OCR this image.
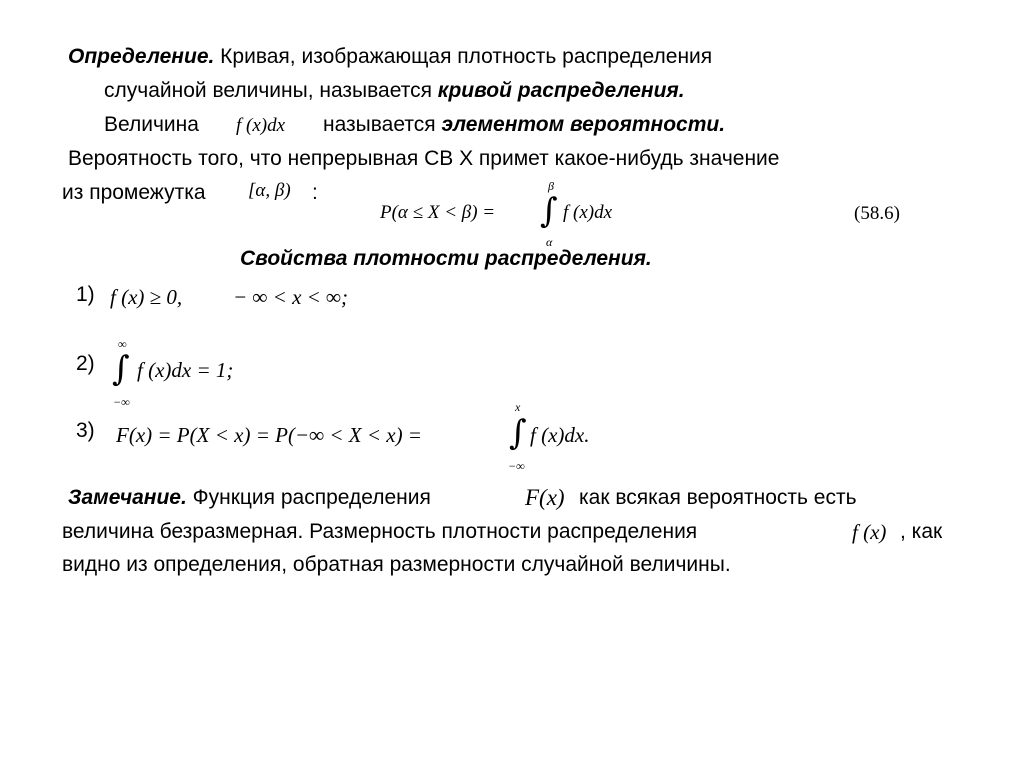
Определение. Кривая, изображающая плотность распределения
случайной величины, называется кривой распределения.
Величина f (x)dx называется элементом вероятности.
Вероятность того, что непрерывная СВ Х примет какое-нибудь значение
из промежутка [α, β) :
P(α ≤ X < β) =
β
∫
α
f (x)dx	(58.6)
Свойства плотности распределения.
1) f (x) ≥ 0, − ∞ < x < ∞;
2)
∞
∫
−∞
f (x)dx = 1;
3) F(x) = P(X < x) = P(−∞ < X < x) =
x
∫
−∞
f (x)dx.
Замечание. Функция распределения	F(x) как всякая вероятность есть
величина безразмерная. Размерность плотности распределения	f (x) , как
видно из определения, обратная размерности случайной величины.
